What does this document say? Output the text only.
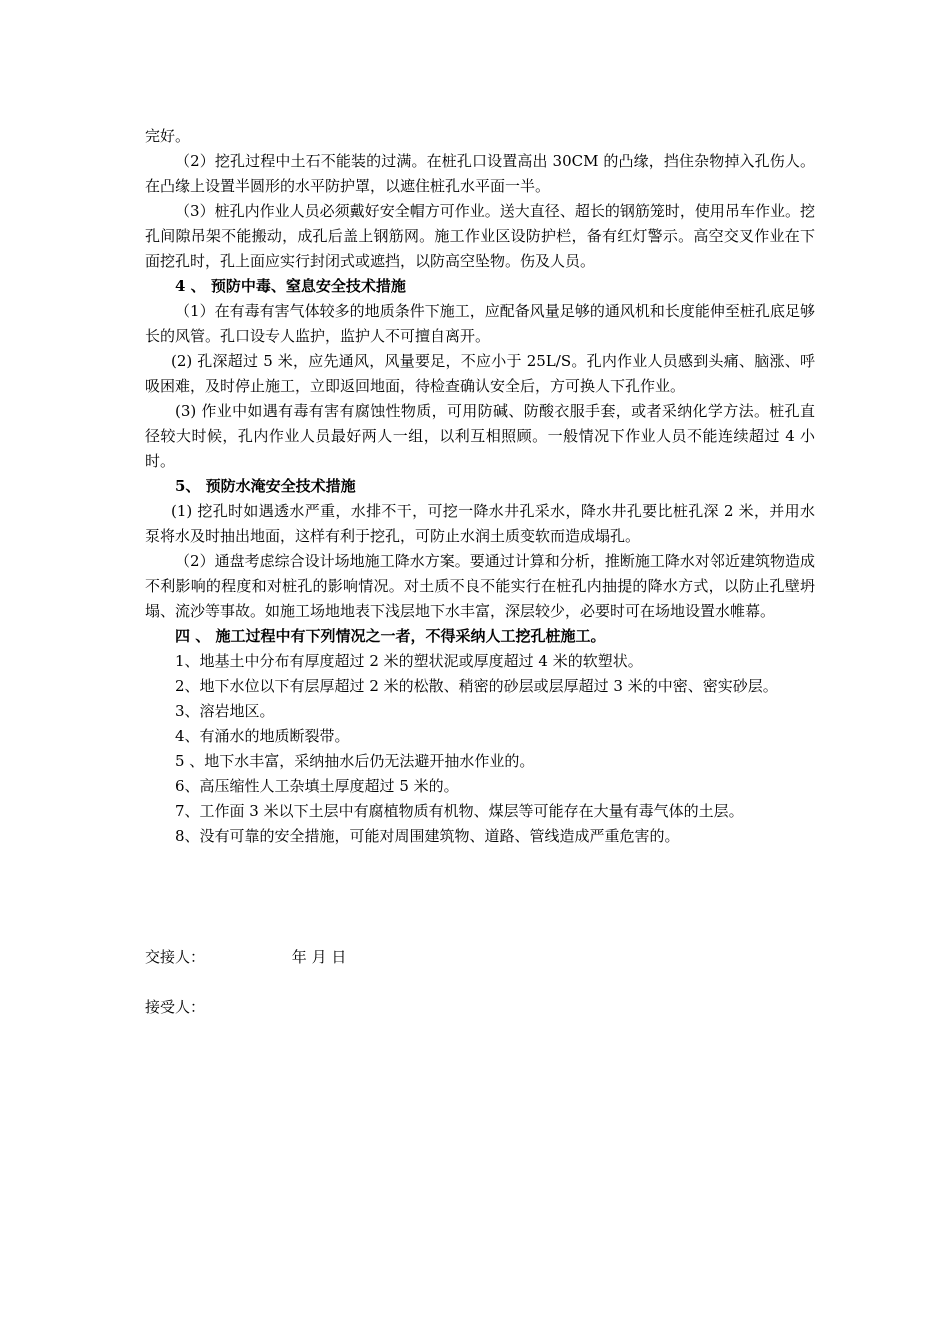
完好。

（2）挖孔过程中土石不能装的过满。在桩孔口设置高出 30CM 的凸缘，挡住杂物掉入孔伤人。在凸缘上设置半圆形的水平防护罩，以遮住桩孔水平面一半。

（3）桩孔内作业人员必须戴好安全帽方可作业。送大直径、超长的钢筋笼时，使用吊车作业。挖孔间隙吊架不能搬动，成孔后盖上钢筋网。施工作业区设防护栏，备有红灯警示。高空交叉作业在下面挖孔时，孔上面应实行封闭式或遮挡，以防高空坠物。伤及人员。

4 、 预防中毒、窒息安全技术措施

（1）在有毒有害气体较多的地质条件下施工，应配备风量足够的通风机和长度能伸至桩孔底足够长的风管。孔口设专人监护，监护人不可擅自离开。

(2) 孔深超过 5 米，应先通风，风量要足，不应小于 25L/S。孔内作业人员感到头痛、脑涨、呼吸困难，及时停止施工，立即返回地面，待检查确认安全后，方可换人下孔作业。

(3) 作业中如遇有毒有害有腐蚀性物质，可用防碱、防酸衣服手套，或者采纳化学方法。桩孔直径较大时候，孔内作业人员最好两人一组，以利互相照顾。一般情况下作业人员不能连续超过 4 小时。

5、 预防水淹安全技术措施

(1) 挖孔时如遇透水严重，水排不干，可挖一降水井孔采水，降水井孔要比桩孔深 2 米，并用水泵将水及时抽出地面，这样有利于挖孔，可防止水润土质变软而造成塌孔。

（2）通盘考虑综合设计场地施工降水方案。要通过计算和分析，推断施工降水对邻近建筑物造成不利影响的程度和对桩孔的影响情况。对土质不良不能实行在桩孔内抽提的降水方式，以防止孔壁坍塌、流沙等事故。如施工场地地表下浅层地下水丰富，深层较少，必要时可在场地设置水帷幕。

四 、 施工过程中有下列情况之一者，不得采纳人工挖孔桩施工。

1、地基土中分布有厚度超过 2 米的塑状泥或厚度超过 4 米的软塑状。

2、地下水位以下有层厚超过 2 米的松散、稍密的砂层或层厚超过 3 米的中密、密实砂层。

3、溶岩地区。

4、有涌水的地质断裂带。

5 、地下水丰富，采纳抽水后仍无法避开抽水作业的。

6、高压缩性人工杂填土厚度超过 5 米的。

7、工作面 3 米以下土层中有腐植物质有机物、煤层等可能存在大量有毒气体的土层。

8、没有可靠的安全措施，可能对周围建筑物、道路、管线造成严重危害的。

交接人：	年 月 日
接受人：
